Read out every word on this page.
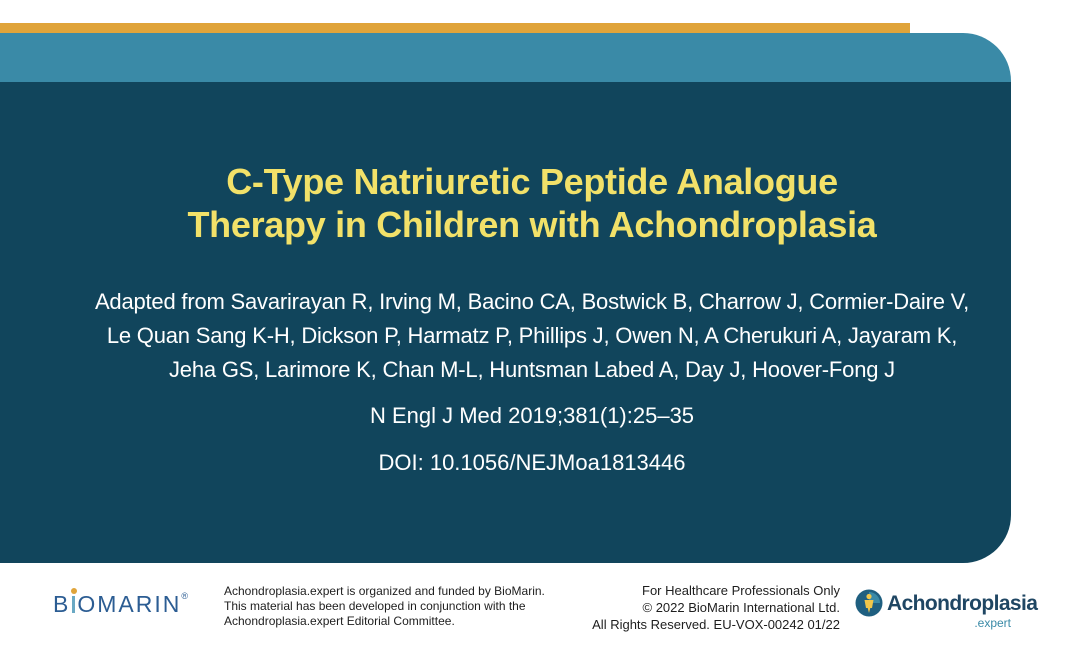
C-Type Natriuretic Peptide Analogue
Therapy in Children with Achondroplasia
Adapted from Savarirayan R, Irving M, Bacino CA, Bostwick B, Charrow J, Cormier-Daire V,
Le Quan Sang K-H, Dickson P, Harmatz P, Phillips J, Owen N, A Cherukuri A, Jayaram K,
Jeha GS, Larimore K, Chan M-L, Huntsman Labed A, Day J, Hoover-Fong J
N Engl J Med 2019;381(1):25–35
DOI: 10.1056/NEJMoa1813446
B OMARIN®	Achondroplasia.expert is organized and funded by BioMarin.
This material has been developed in conjunction with the
Achondroplasia.expert Editorial Committee.
For Healthcare Professionals Only
© 2022 BioMarin International Ltd.
All Rights Reserved. EU-VOX-00242 01/22
Achondroplasia
.expert
